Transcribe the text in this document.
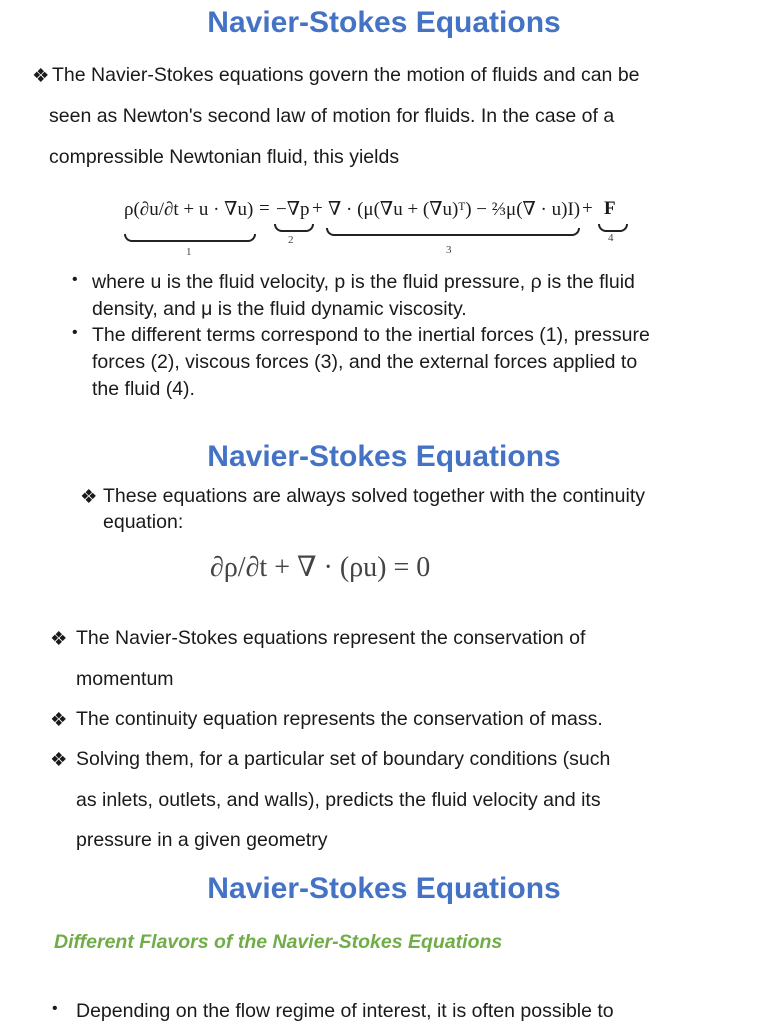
Navier-Stokes Equations
❖ The Navier-Stokes equations govern the motion of fluids and can be
seen as Newton's second law of motion for fluids. In the case of a
compressible Newtonian fluid, this yields
ρ(∂u/∂t + u · ∇u)
1
= −∇p
2
+ ∇ · (μ(∇u + (∇u)ᵀ) − ⅔μ(∇ · u)I)
3
+ F
4
• where u is the fluid velocity, p is the fluid pressure, ρ is the fluid
density, and μ is the fluid dynamic viscosity.
• The different terms correspond to the inertial forces (1), pressure
forces (2), viscous forces (3), and the external forces applied to
the fluid (4).
Navier-Stokes Equations
❖ These equations are always solved together with the continuity
equation:
∂ρ/∂t + ∇ · (ρu) = 0
❖ The Navier-Stokes equations represent the conservation of
momentum
❖ The continuity equation represents the conservation of mass.
❖ Solving them, for a particular set of boundary conditions (such
as inlets, outlets, and walls), predicts the fluid velocity and its
pressure in a given geometry
Navier-Stokes Equations
Different Flavors of the Navier-Stokes Equations
• Depending on the flow regime of interest, it is often possible to
